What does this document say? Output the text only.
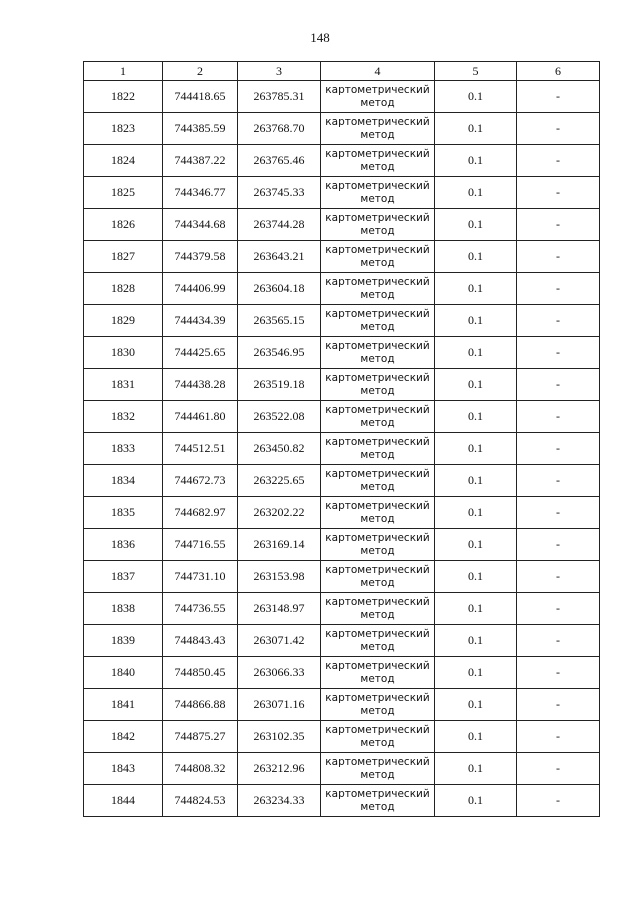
148
1	2	3	4	5	6
1822	744418.65	263785.31	картометрический метод	0.1	-
1823	744385.59	263768.70	картометрический метод	0.1	-
1824	744387.22	263765.46	картометрический метод	0.1	-
1825	744346.77	263745.33	картометрический метод	0.1	-
1826	744344.68	263744.28	картометрический метод	0.1	-
1827	744379.58	263643.21	картометрический метод	0.1	-
1828	744406.99	263604.18	картометрический метод	0.1	-
1829	744434.39	263565.15	картометрический метод	0.1	-
1830	744425.65	263546.95	картометрический метод	0.1	-
1831	744438.28	263519.18	картометрический метод	0.1	-
1832	744461.80	263522.08	картометрический метод	0.1	-
1833	744512.51	263450.82	картометрический метод	0.1	-
1834	744672.73	263225.65	картометрический метод	0.1	-
1835	744682.97	263202.22	картометрический метод	0.1	-
1836	744716.55	263169.14	картометрический метод	0.1	-
1837	744731.10	263153.98	картометрический метод	0.1	-
1838	744736.55	263148.97	картометрический метод	0.1	-
1839	744843.43	263071.42	картометрический метод	0.1	-
1840	744850.45	263066.33	картометрический метод	0.1	-
1841	744866.88	263071.16	картометрический метод	0.1	-
1842	744875.27	263102.35	картометрический метод	0.1	-
1843	744808.32	263212.96	картометрический метод	0.1	-
1844	744824.53	263234.33	картометрический метод	0.1	-
